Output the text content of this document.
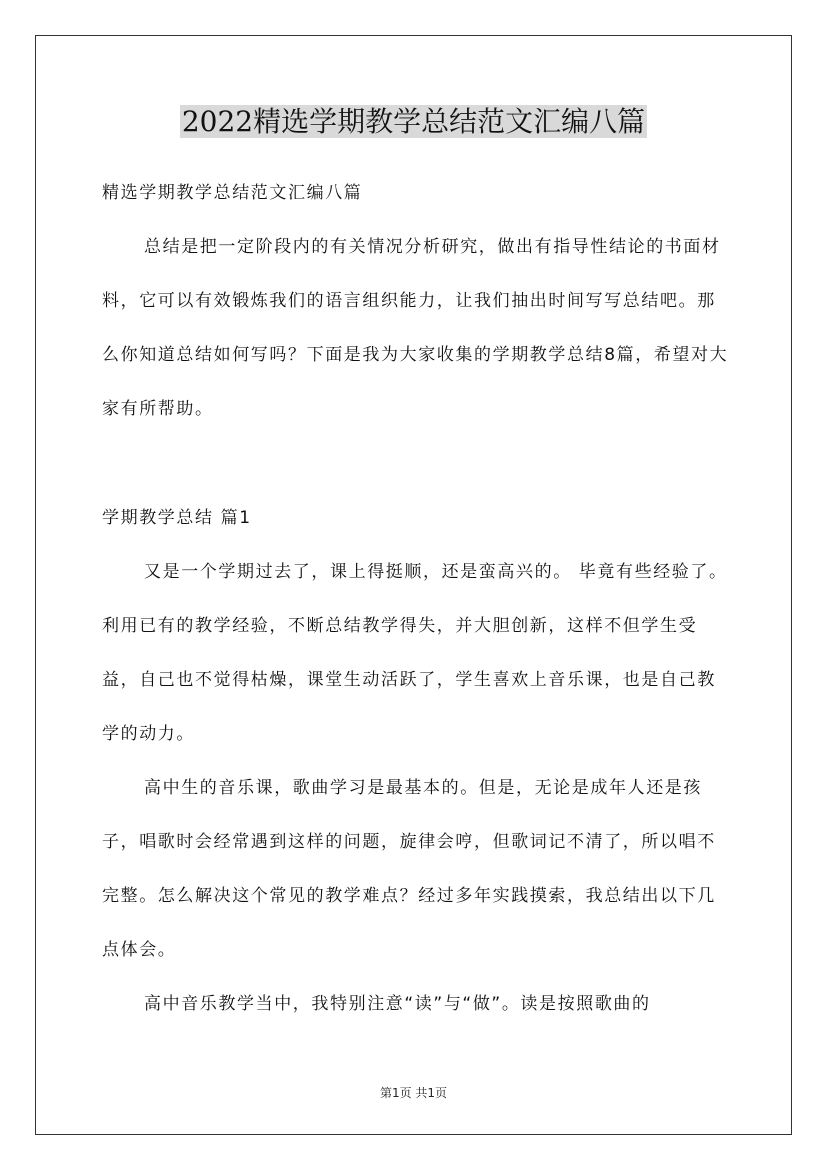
2022精选学期教学总结范文汇编八篇

精选学期教学总结范文汇编八篇

总结是把一定阶段内的有关情况分析研究，做出有指导性结论的书面材料，它可以有效锻炼我们的语言组织能力，让我们抽出时间写写总结吧。那么你知道总结如何写吗？下面是我为大家收集的学期教学总结8篇，希望对大家有所帮助。

学期教学总结 篇1

又是一个学期过去了，课上得挺顺，还是蛮高兴的。 毕竟有些经验了。利用已有的教学经验，不断总结教学得失，并大胆创新，这样不但学生受益，自己也不觉得枯燥，课堂生动活跃了，学生喜欢上音乐课，也是自己教学的动力。

高中生的音乐课，歌曲学习是最基本的。但是，无论是成年人还是孩子，唱歌时会经常遇到这样的问题，旋律会哼，但歌词记不清了，所以唱不完整。怎么解决这个常见的教学难点？经过多年实践摸索，我总结出以下几点体会。

高中音乐教学当中，我特别注意“读”与“做”。读是按照歌曲的

第1页 共1页
